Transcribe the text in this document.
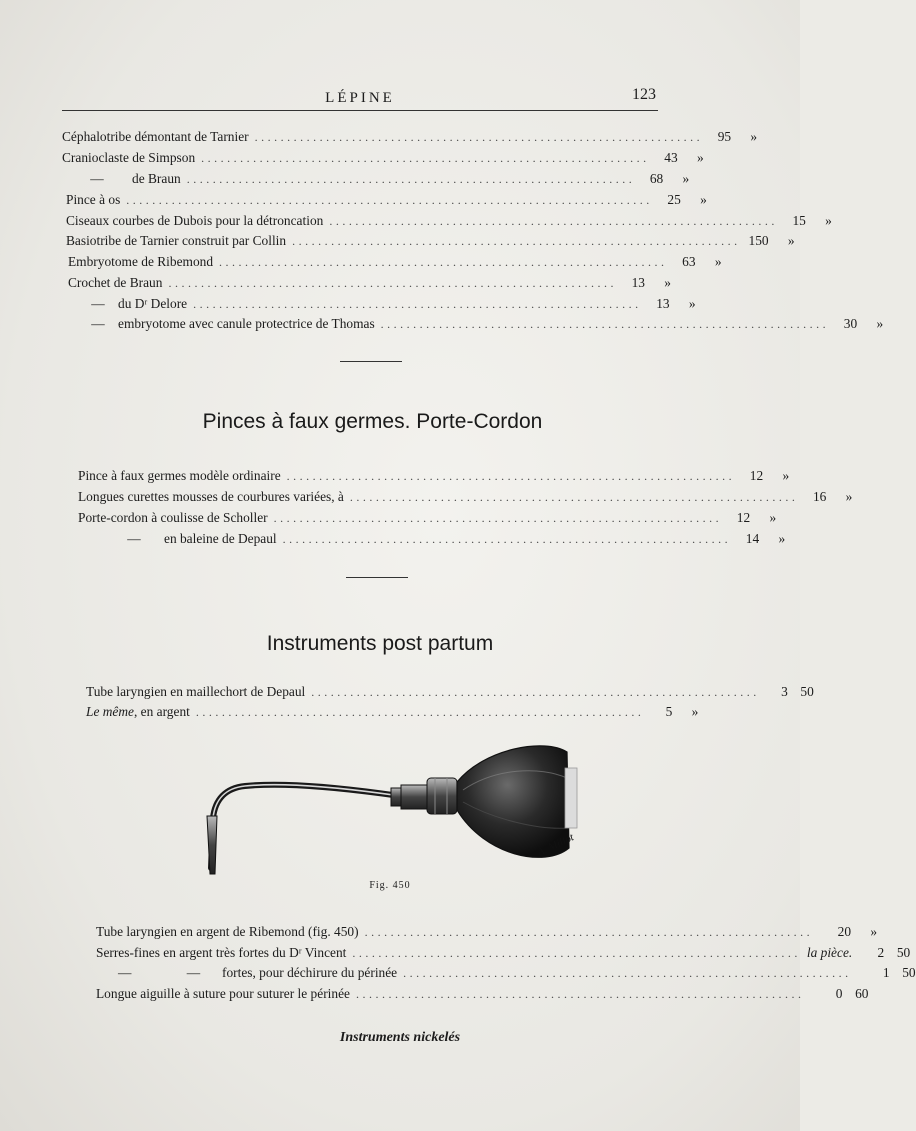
LÉPINE	123
Céphalotribe démontant de Tarnier .....................................................................	95	»
Cranioclaste de Simpson .....................................................................	43	»
—	de Braun .....................................................................	68	»
Pince à os .................................................................................	25	»
Ciseaux courbes de Dubois pour la détroncation .....................................................................	15	»
Basiotribe de Tarnier construit par Collin ..................................................................... 150	»
Embryotome de Ribemond .....................................................................	63	»
Crochet de Braun .....................................................................	13	»
— du Dʳ Delore .....................................................................	13	»
— embryotome avec canule protectrice de Thomas .....................................................................	30	»
Pinces à faux germes. Porte-Cordon
Pince à faux germes modèle ordinaire .....................................................................	12	»
Longues curettes mousses de courbures variées, à .....................................................................	16	»
Porte-cordon à coulisse de Scholler .....................................................................	12	»
—	en baleine de Depaul .....................................................................	14	»
Instruments post partum
Tube laryngien en maillechort de Depaul .....................................................................	3 50
Le même , en argent .....................................................................	5	»
A. Millot
Fig. 450
Tube laryngien en argent de Ribemond (fig. 450) .....................................................................	20	»
Serres-fines en argent très fortes du Dʳ Vincent ..................................................................... la pièce.	2 50
— —	fortes, pour déchirure du périnée .....................................................................	1 50
Longue aiguille à suture pour suturer le périnée .....................................................................	0 60
Instruments nickelés
